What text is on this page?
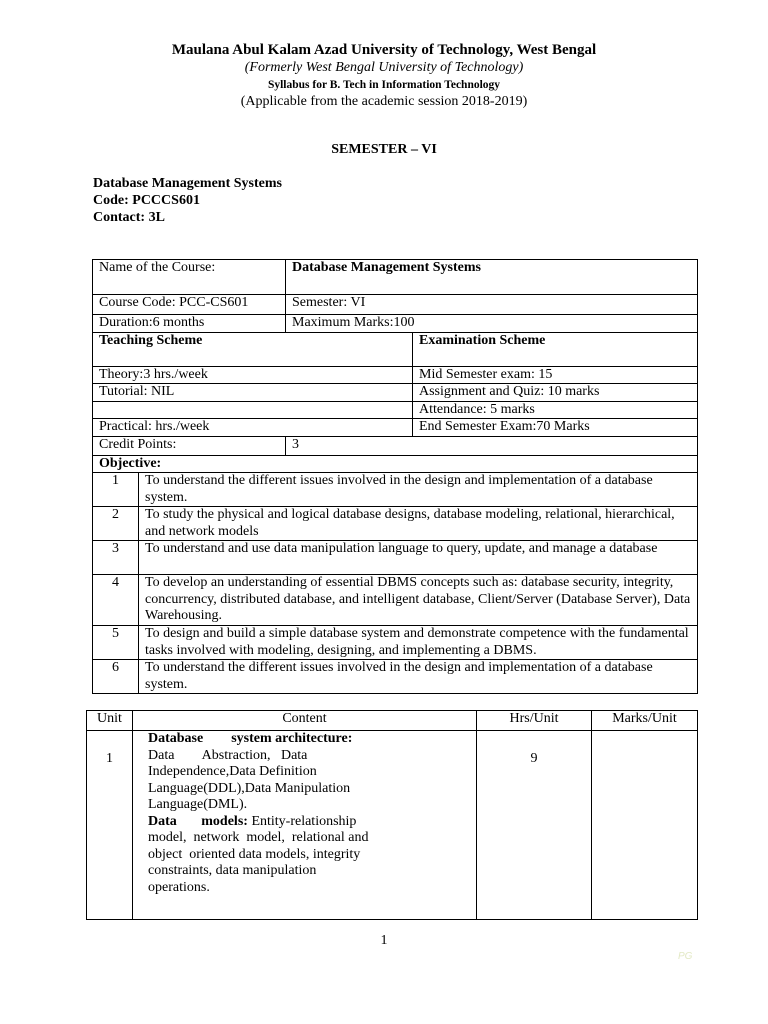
Maulana Abul Kalam Azad University of Technology, West Bengal
(Formerly West Bengal University of Technology)
Syllabus for B. Tech in Information Technology
(Applicable from the academic session 2018-2019)
SEMESTER – VI
Database Management Systems
Code: PCCCS601
Contact: 3L
Name of the Course:		Database Management Systems	
Course Code: PCC-CS601		Semester: VI	
Duration:6 months		Maximum Marks:100	
Teaching Scheme			Examination Scheme
Theory:3 hrs./week			Mid Semester exam: 15
Tutorial: NIL			Assignment and Quiz: 10 marks
			Attendance: 5 marks
Practical: hrs./week			End Semester Exam:70 Marks
Credit Points:		3	
Objective:			
1	To understand the different issues involved in the design and implementation of a database system.		
2	To study the physical and logical database designs, database modeling, relational, hierarchical, and network models		
3	To understand and use data manipulation language to query, update, and manage a database		
4	To develop an understanding of essential DBMS concepts such as: database security, integrity, concurrency, distributed database, and intelligent database, Client/Server (Database Server), Data Warehousing.		
5	To design and build a simple database system and demonstrate competence with the fundamental tasks involved with modeling, designing, and implementing a DBMS.		
6	To understand the different issues involved in the design and implementation of a database system.		
Unit	Content	Hrs/Unit	Marks/Unit
1	Database        system architecture:
Data        Abstraction,   Data Independence,Data Definition Language(DDL),Data Manipulation Language(DML).
Data       models: Entity-relationship model,  network  model,  relational and  object  oriented data models, integrity constraints, data manipulation operations.	9	
1
PG
